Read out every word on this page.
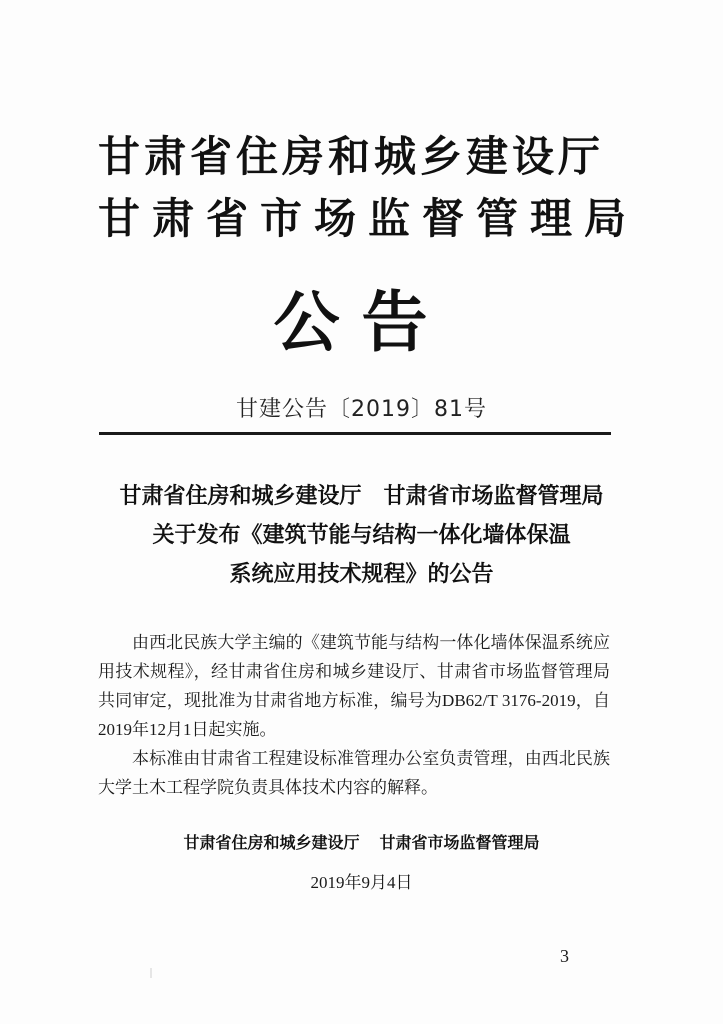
甘肃省住房和城乡建设厅
甘肃省市场监督管理局
公告
甘建公告〔2019〕81号
甘肃省住房和城乡建设厅　甘肃省市场监督管理局
关于发布《建筑节能与结构一体化墙体保温
系统应用技术规程》的公告

由西北民族大学主编的《建筑节能与结构一体化墙体保温系统应用技术规程》，经甘肃省住房和城乡建设厅、甘肃省市场监督管理局共同审定，现批准为甘肃省地方标准，编号为DB62/T 3176-2019，自2019年12月1日起实施。

本标准由甘肃省工程建设标准管理办公室负责管理，由西北民族大学土木工程学院负责具体技术内容的解释。

甘肃省住房和城乡建设厅 甘肃省市场监督管理局
2019年9月4日
3
